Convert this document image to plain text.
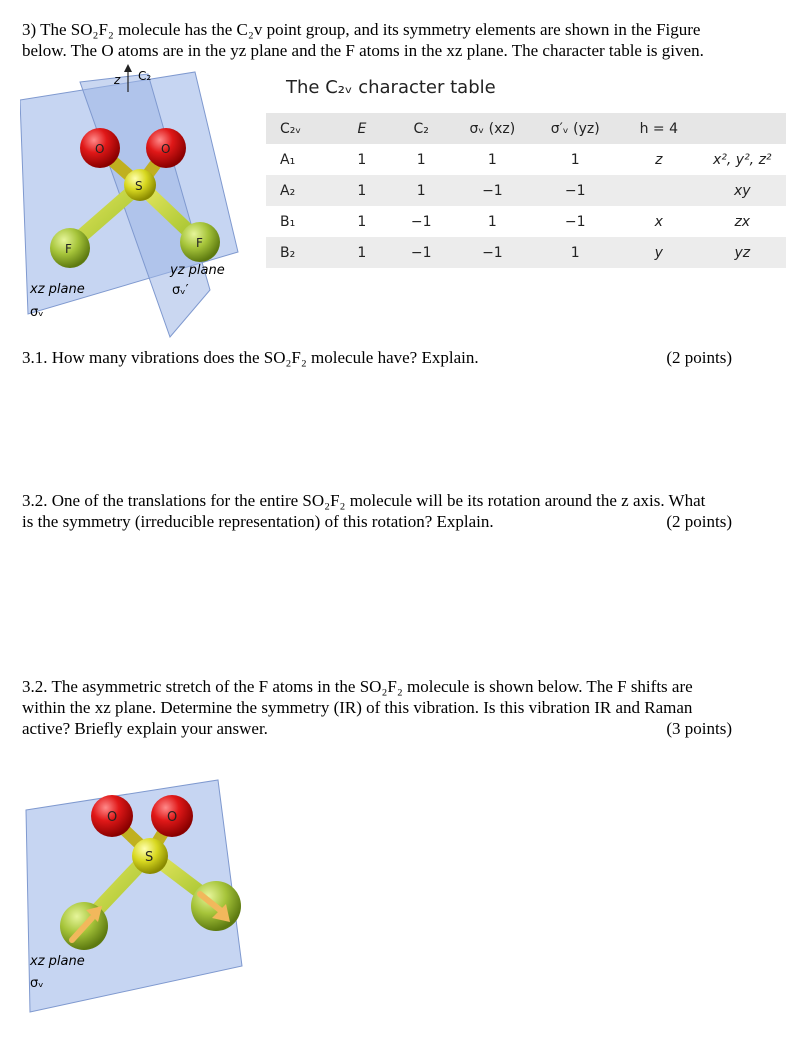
3) The SO₂F₂ molecule has the C₂v point group, and its symmetry elements are shown in the Figure
below. The O atoms are in the yz plane and the F atoms in the xz plane. The character table is given.
z C₂
O	O
S
F	F
yz plane
σᵥ′
xz plane
σᵥ
The C₂ᵥ character table
C₂ᵥ	E	C₂	σᵥ (xz)	σ′ᵥ (yz)	h = 4	
A₁	1	1	1	1	z	x², y², z²
A₂	1	1	−1	−1		xy
B₁	1	−1	1	−1	x	zx
B₂	1	−1	−1	1	y	yz
3.1. How many vibrations does the SO₂F₂ molecule have? Explain.	(2 points)
3.2. One of the translations for the entire SO₂F₂ molecule will be its rotation around the z axis. What
is the symmetry (irreducible representation) of this rotation? Explain.	(2 points)
3.2. The asymmetric stretch of the F atoms in the SO₂F₂ molecule is shown below. The F shifts are
within the xz plane. Determine the symmetry (IR) of this vibration. Is this vibration IR and Raman
active? Briefly explain your answer.	(3 points)
O	O
S
xz plane
σᵥ
